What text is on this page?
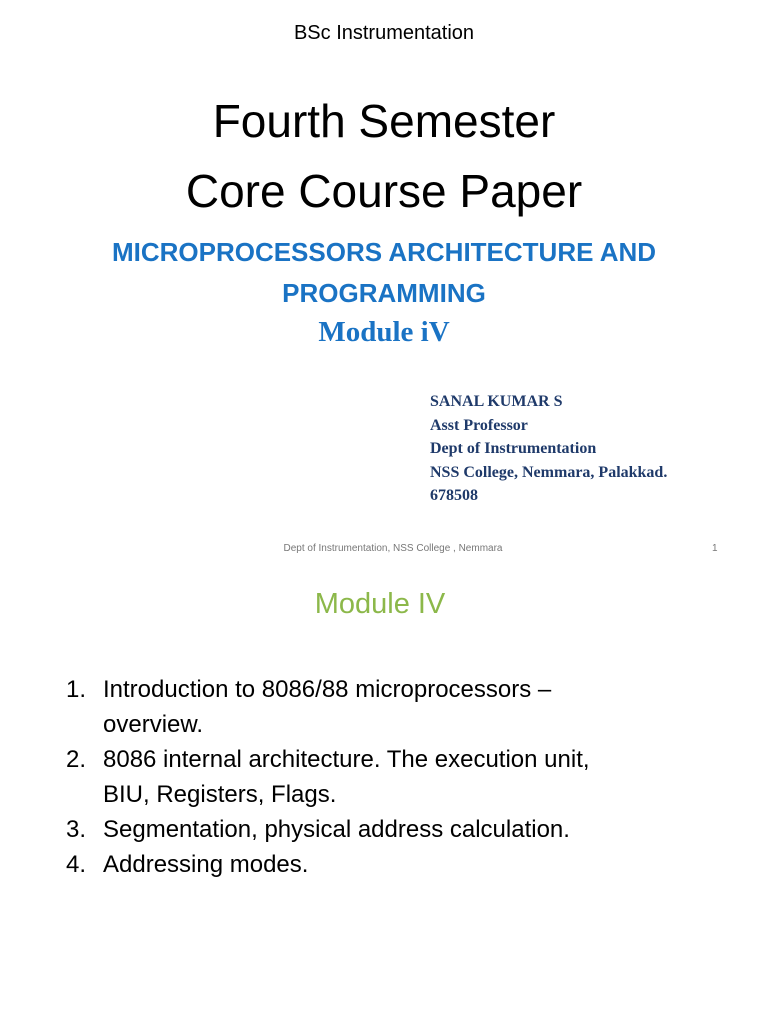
BSc Instrumentation
Fourth Semester
Core Course Paper
MICROPROCESSORS ARCHITECTURE AND
PROGRAMMING
Module iV
SANAL KUMAR S
Asst Professor
Dept of Instrumentation
NSS College, Nemmara, Palakkad.
678508
Dept of Instrumentation, NSS College , Nemmara	1
Module IV
1. Introduction to 8086/88 microprocessors –
overview.
2. 8086 internal architecture. The execution unit,
BIU, Registers, Flags.
3. Segmentation, physical address calculation.
4. Addressing modes.
